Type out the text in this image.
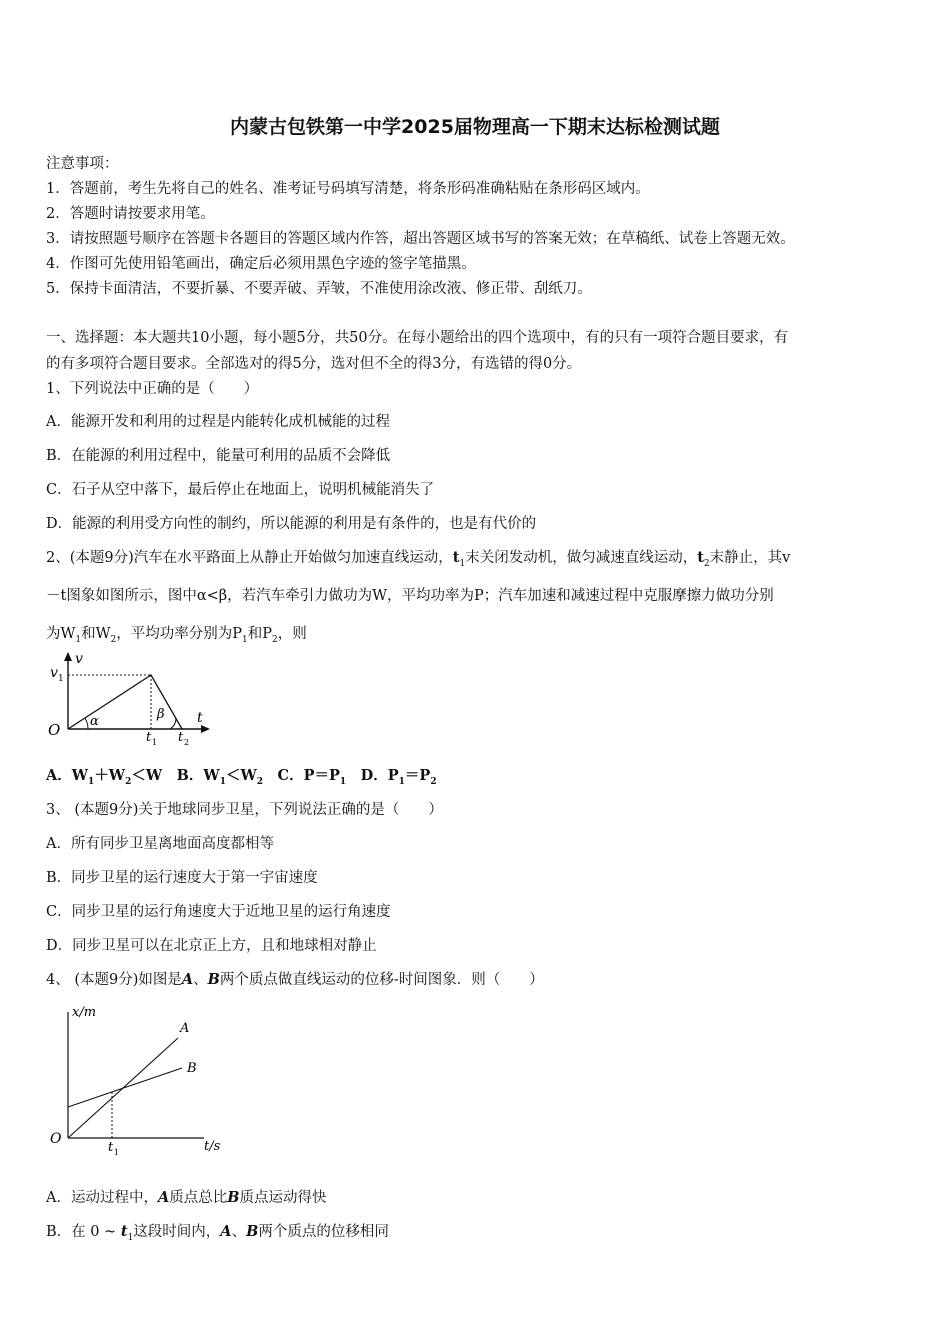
内蒙古包铁第一中学2025届物理高一下期末达标检测试题
注意事项：
1．答题前，考生先将自己的姓名、准考证号码填写清楚，将条形码准确粘贴在条形码区域内。
2．答题时请按要求用笔。
3．请按照题号顺序在答题卡各题目的答题区域内作答，超出答题区域书写的答案无效；在草稿纸、试卷上答题无效。
4．作图可先使用铅笔画出，确定后必须用黑色字迹的签字笔描黑。
5．保持卡面清洁，不要折暴、不要弄破、弄皱，不准使用涂改液、修正带、刮纸刀。
一、选择题：本大题共10小题，每小题5分，共50分。在每小题给出的四个选项中，有的只有一项符合题目要求，有
的有多项符合题目要求。全部选对的得5分，选对但不全的得3分，有选错的得0分。
1、下列说法中正确的是（　　）
A．能源开发和利用的过程是内能转化成机械能的过程
B．在能源的利用过程中，能量可利用的品质不会降低
C．石子从空中落下，最后停止在地面上，说明机械能消失了
D．能源的利用受方向性的制约，所以能源的利用是有条件的，也是有代价的
2、(本题9分)汽车在水平路面上从静止开始做匀加速直线运动，$t_1$末关闭发动机，做匀减速直线运动，$t_2$末静止，其v
－t图象如图所示，图中α<β，若汽车牵引力做功为W，平均功率为P；汽车加速和减速过程中克服摩擦力做功分别
为$W_1$和$W_2$，平均功率分别为$P_1$和$P_2$，则
O
v
t
v 1
α	β
t 1 t 2
A．$W_1+W_2<W$　B．$W_1<W_2$　C．$P=P_1$　D．$P_1=P_2$
3、 (本题9分)关于地球同步卫星，下列说法正确的是（　　）
A．所有同步卫星离地面高度都相等
B．同步卫星的运行速度大于第一宇宙速度
C．同步卫星的运行角速度大于近地卫星的运行角速度
D．同步卫星可以在北京正上方，且和地球相对静止
4、 (本题9分)如图是A、B两个质点做直线运动的位移-时间图象．则（　　）
x/m
t/s
O
t 1
A
B
A．运动过程中，A质点总比B质点运动得快
B．在 0 ~ $t_1$这段时间内，A、B两个质点的位移相同
